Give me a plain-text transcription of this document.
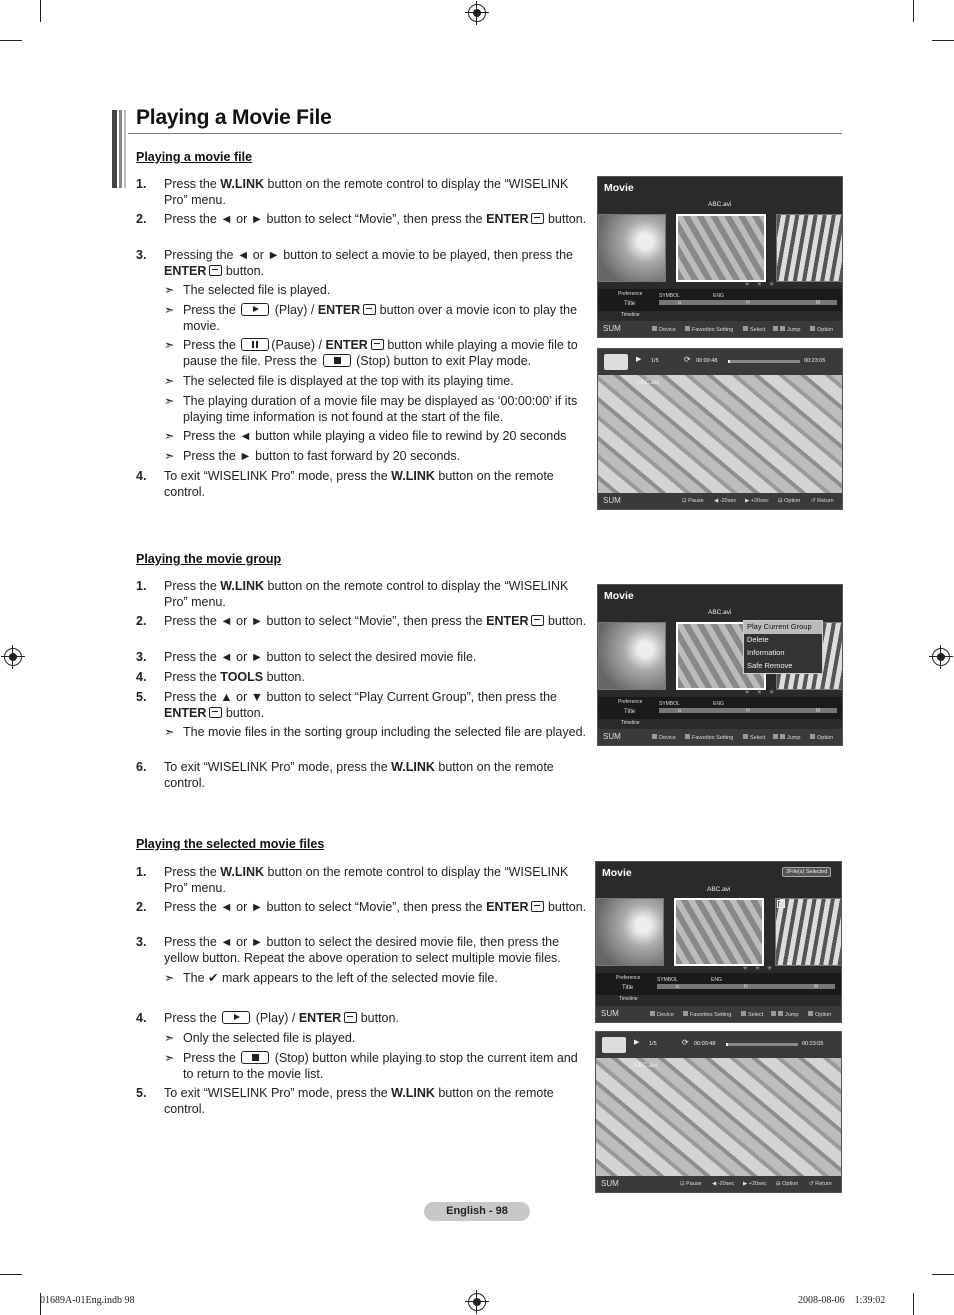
Playing a Movie File
Playing a movie file
1.	Press the W.LINK button on the remote control to display the “WISELINK Pro” menu.
2.	Press the ◄ or ► button to select “Movie”, then press the ENTER button.
3.	Pressing the ◄ or ► button to select a movie to be played, then press the ENTER button.
➣ The selected file is played.
➣ Press the	(Play) / ENTER button over a movie icon to play the movie.
➣ Press the	(Pause) / ENTER button while playing a movie file to pause the file. Press the	(Stop) button to exit Play mode.
➣ The selected file is displayed at the top with its playing time.
➣ The playing duration of a movie file may be displayed as ‘00:00:00’ if its playing time information is not found at the start of the file.
➣ Press the ◄ button while playing a video file to rewind by 20 seconds
➣ Press the ► button to fast forward by 20 seconds.
4.	To exit “WISELINK Pro” mode, press the W.LINK button on the remote control.
Movie
ABC.avi
★ ★ ★
Preference
Title
Timeline
SYMBOL	ENG
α	H	M
SUM	Device	Favorites Setting	Select	Jump	Option
▶ 1/5	⟳ 00:00:48	00:23:05
ABC.avi
SUM	⊡ Pause ◀ -20sec ▶ +20sec ⊟ Option ↺ Return
Playing the movie group
1.	Press the W.LINK button on the remote control to display the “WISELINK Pro” menu.
2.	Press the ◄ or ► button to select “Movie”, then press the ENTER button.
3.	Press the ◄ or ► button to select the desired movie file.
4.	Press the TOOLS button.
5.	Press the ▲ or ▼ button to select “Play Current Group”, then press the ENTER button.
➣ The movie files in the sorting group including the selected file are played.
6.	To exit “WISELINK Pro” mode, press the W.LINK button on the remote control.
Movie
ABC.avi
Play Current Group
Delete
Information
Safe Remove
★ ★ ★
Preference
Title
Timeline
SYMBOL	ENG
α	H	M
SUM	Device	Favorites Setting	Select	Jump	Option
Playing the selected movie files
1.	Press the W.LINK button on the remote control to display the “WISELINK Pro” menu.
2.	Press the ◄ or ► button to select “Movie”, then press the ENTER button.
3.	Press the ◄ or ► button to select the desired movie file, then press the yellow button. Repeat the above operation to select multiple movie files.
➣ The ✔ mark appears to the left of the selected movie file.
4.	Press the	(Play) / ENTER button.
➣ Only the selected file is played.
➣ Press the	(Stop) button while playing to stop the current item and to return to the movie list.
5.	To exit “WISELINK Pro” mode, press the W.LINK button on the remote control.
Movie	2File(s) Selected
ABC.avi
✓
★ ★ ★
Preference
Title
Timeline
SYMBOL	ENG
α	H	M
SUM	Device	Favorites Setting	Select	Jump	Option
▶ 1/5	⟳ 00:00:48	00:23:05
ABC.avi
SUM	⊡ Pause ◀ -20sec ▶ +20sec ⊟ Option ↺ Return
English - 98
01689A-01Eng.indb 98	2008-08-06    1:39:02
